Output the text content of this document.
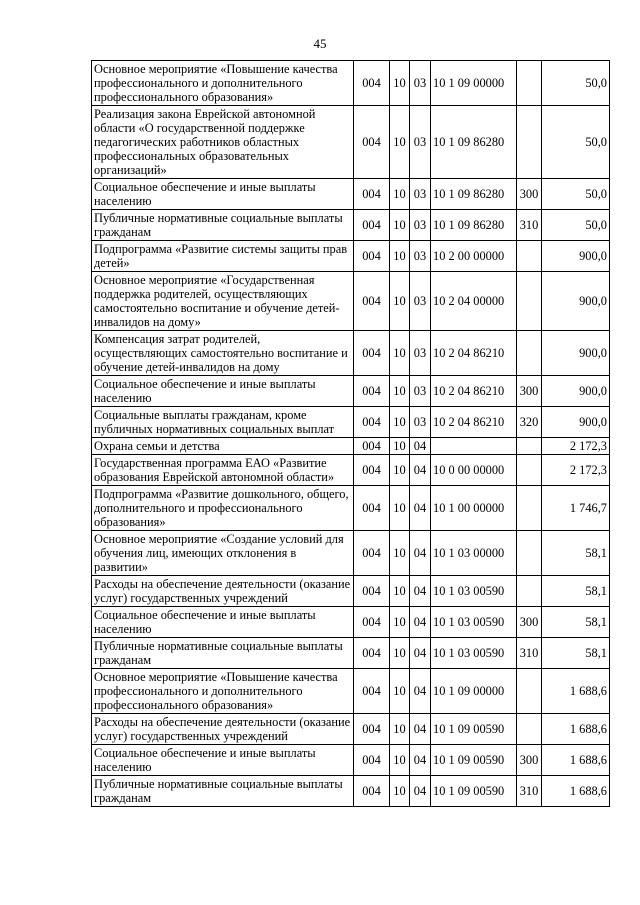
45
Основное мероприятие «Повышение качества профессионального и дополнительного профессионального образования»	004	10	03	10 1 09 00000		50,0
Реализация закона Еврейской автономной области «О государственной поддержке педагогических работников областных профессиональных образовательных организаций»	004	10	03	10 1 09 86280		50,0
Социальное обеспечение и иные выплаты населению	004	10	03	10 1 09 86280	300	50,0
Публичные нормативные социальные выплаты гражданам	004	10	03	10 1 09 86280	310	50,0
Подпрограмма «Развитие системы защиты прав детей»	004	10	03	10 2 00 00000		900,0
Основное мероприятие «Государственная поддержка родителей, осуществляющих самостоятельно воспитание и обучение детей-инвалидов на дому»	004	10	03	10 2 04 00000		900,0
Компенсация затрат родителей, осуществляющих самостоятельно воспитание и обучение детей-инвалидов на дому	004	10	03	10 2 04 86210		900,0
Социальное обеспечение и иные выплаты населению	004	10	03	10 2 04 86210	300	900,0
Социальные выплаты гражданам, кроме публичных нормативных социальных выплат	004	10	03	10 2 04 86210	320	900,0
Охрана семьи и детства	004	10	04			2 172,3
Государственная программа ЕАО «Развитие образования Еврейской автономной области»	004	10	04	10 0 00 00000		2 172,3
Подпрограмма «Развитие дошкольного, общего, дополнительного и профессионального образования»	004	10	04	10 1 00 00000		1 746,7
Основное мероприятие «Создание условий для обучения лиц, имеющих отклонения в развитии»	004	10	04	10 1 03 00000		58,1
Расходы на обеспечение деятельности (оказание услуг) государственных учреждений	004	10	04	10 1 03 00590		58,1
Социальное обеспечение и иные выплаты населению	004	10	04	10 1 03 00590	300	58,1
Публичные нормативные социальные выплаты гражданам	004	10	04	10 1 03 00590	310	58,1
Основное мероприятие «Повышение качества профессионального и дополнительного профессионального образования»	004	10	04	10 1 09 00000		1 688,6
Расходы на обеспечение деятельности (оказание услуг) государственных учреждений	004	10	04	10 1 09 00590		1 688,6
Социальное обеспечение и иные выплаты населению	004	10	04	10 1 09 00590	300	1 688,6
Публичные нормативные социальные выплаты гражданам	004	10	04	10 1 09 00590	310	1 688,6
